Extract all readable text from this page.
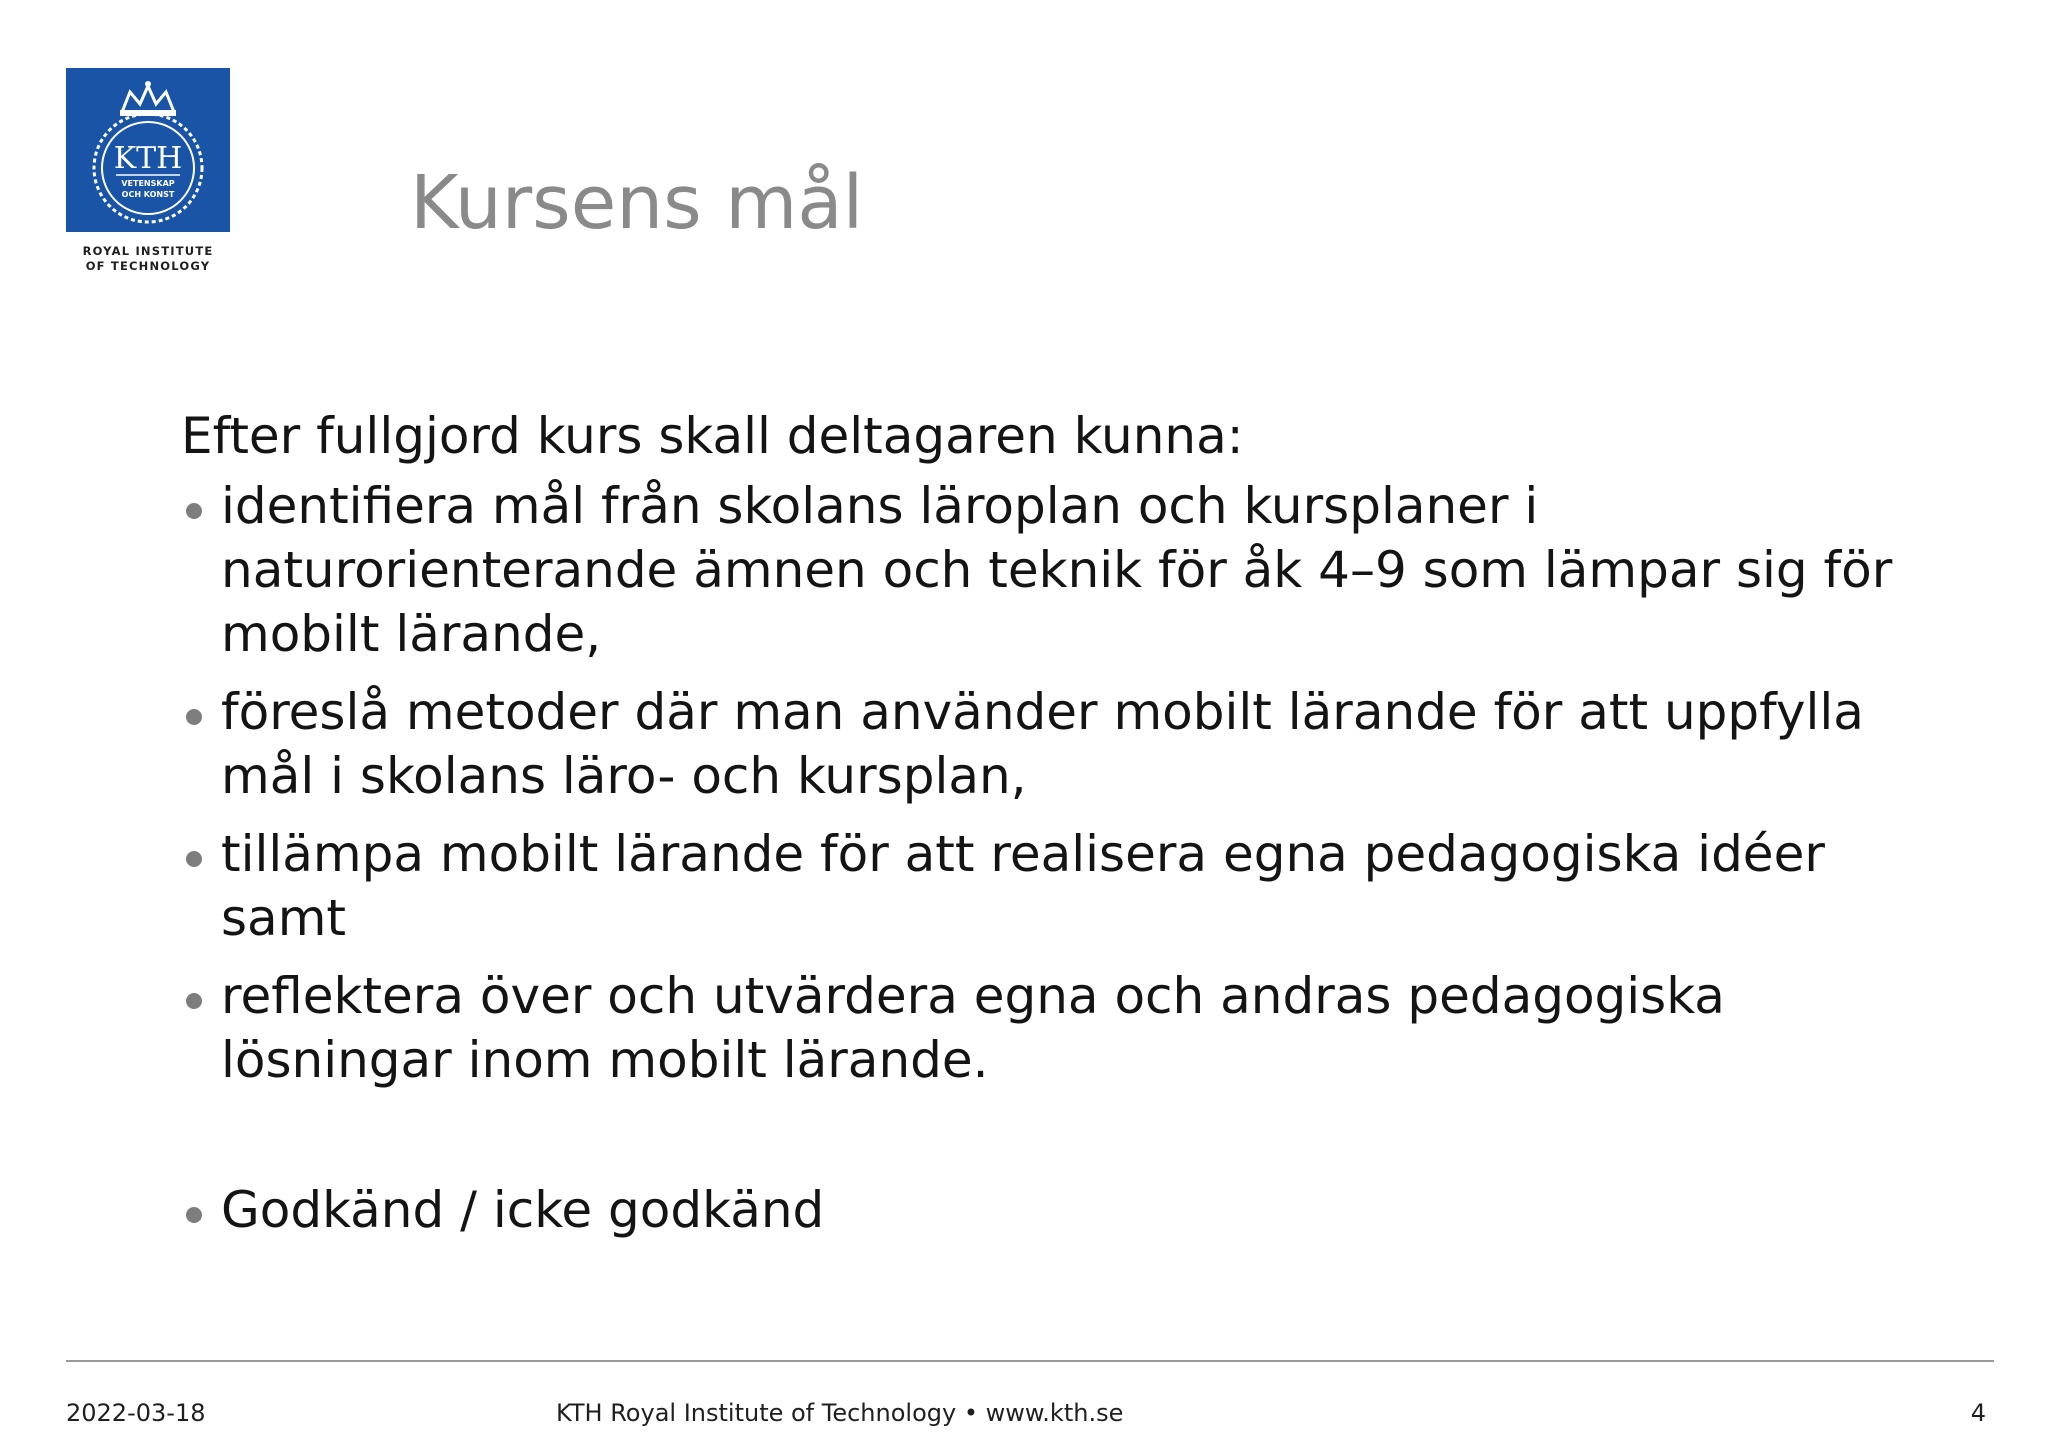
KTH
VETENSKAP
OCH KONST
ROYAL INSTITUTE
OF TECHNOLOGY
Kursens mål

Efter fullgjord kurs skall deltagaren kunna:

identifiera mål från skolans läroplan och kursplaner i naturorienterande ämnen och teknik för åk 4–9 som lämpar sig för mobilt lärande,
föreslå metoder där man använder mobilt lärande för att uppfylla mål i skolans läro- och kursplan,
tillämpa mobilt lärande för att realisera egna pedagogiska idéer samt
reflektera över och utvärdera egna och andras pedagogiska lösningar inom mobilt lärande.
Godkänd / icke godkänd
2022-03-18	KTH Royal Institute of Technology • www.kth.se	4
